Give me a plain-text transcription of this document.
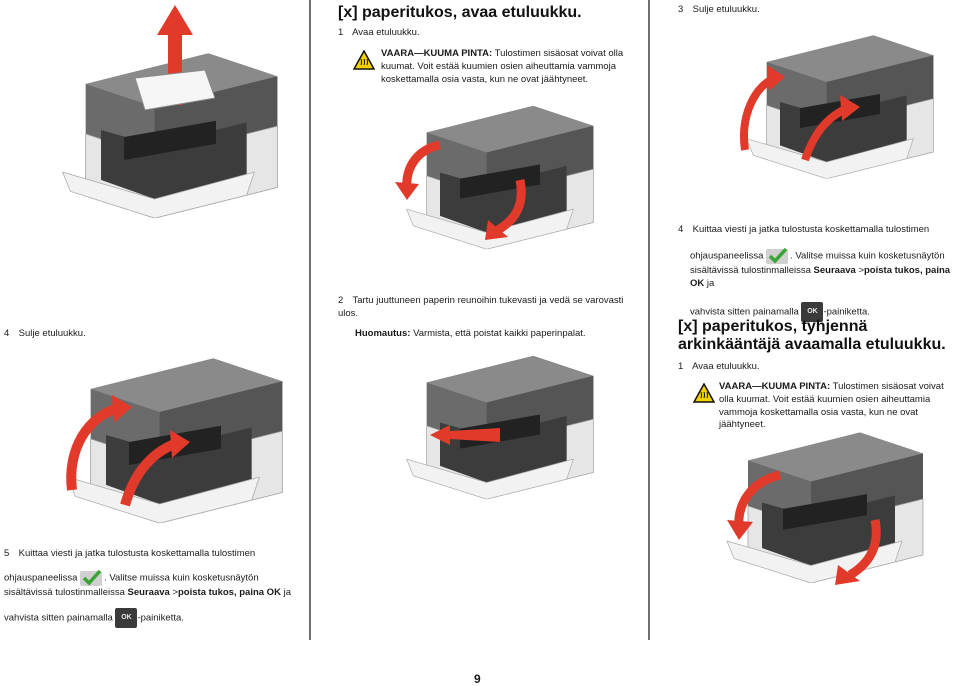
4 Sulje etuluukku.
5 Kuittaa viesti ja jatka tulostusta koskettamalla tulostimen
ohjauspaneelissa	. Valitse muissa kuin kosketusnäytön
sisältävissä tulostinmalleissa Seuraava >poista tukos, paina OK ja
vahvista sitten painamalla OK -painiketta.
[x] paperitukos, avaa etuluukku.
1 Avaa etuluukku.
VAARA—KUUMA PINTA: Tulostimen sisäosat voivat olla kuumat. Voit estää kuumien osien aiheuttamia vammoja koskettamalla osia vasta, kun ne ovat jäähtyneet.
2 Tartu juuttuneen paperin reunoihin tukevasti ja vedä se varovasti ulos.
Huomautus: Varmista, että poistat kaikki paperinpalat.
3 Sulje etuluukku.
4 Kuittaa viesti ja jatka tulostusta koskettamalla tulostimen
ohjauspaneelissa	. Valitse muissa kuin kosketusnäytön
sisältävissä tulostinmalleissa Seuraava >poista tukos, paina OK ja
vahvista sitten painamalla OK -painiketta.
[x] paperitukos, tyhjennä arkinkääntäjä avaamalla etuluukku.
1 Avaa etuluukku.
VAARA—KUUMA PINTA: Tulostimen sisäosat voivat olla kuumat. Voit estää kuumien osien aiheuttamia vammoja koskettamalla osia vasta, kun ne ovat jäähtyneet.
9
